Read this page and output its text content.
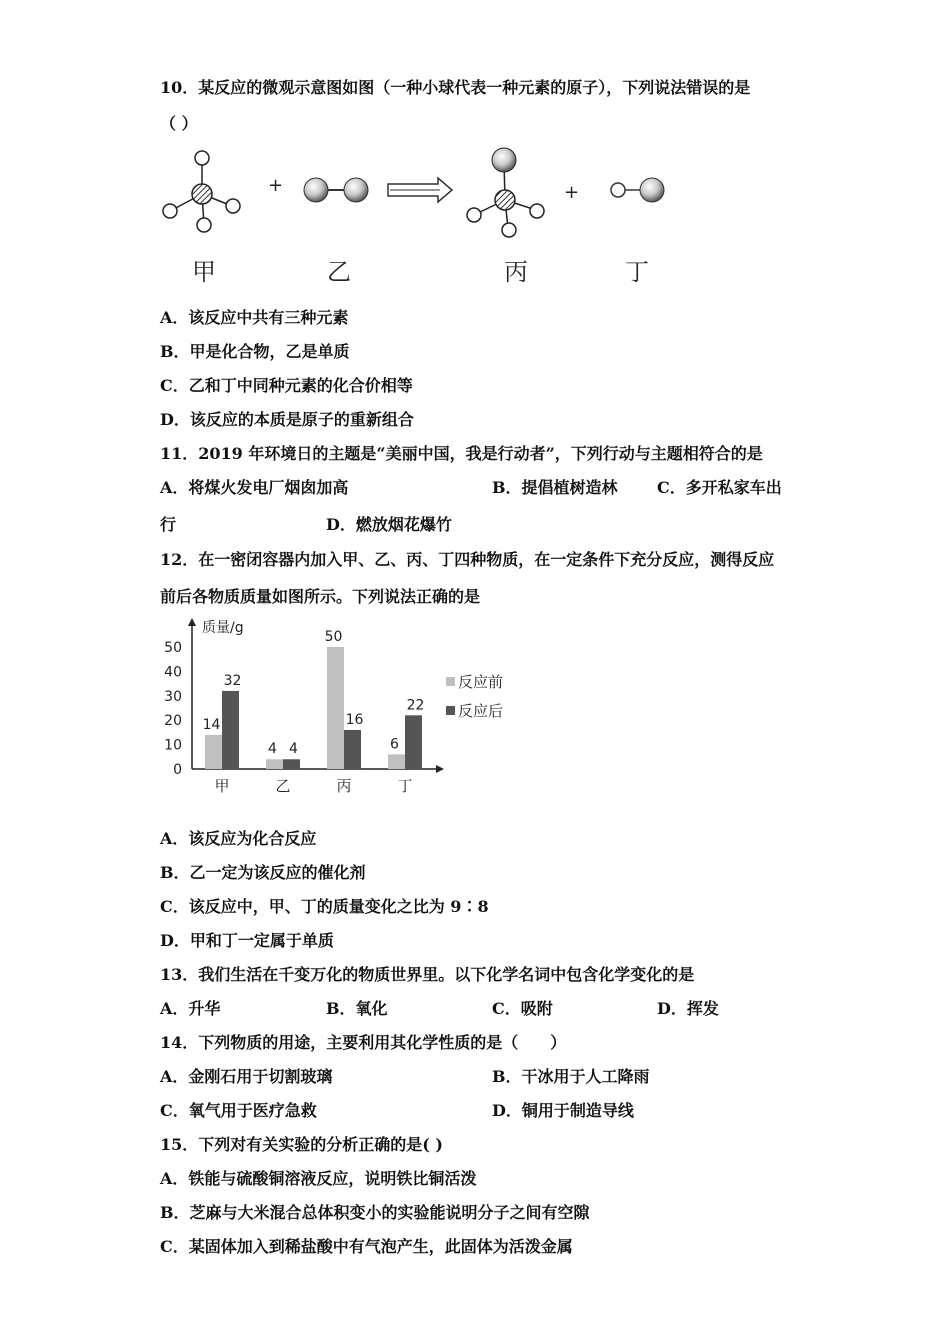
10．某反应的微观示意图如图（一种小球代表一种元素的原子），下列说法错误的是
（ ）
+	+
甲	乙	丙	丁
A．该反应中共有三种元素
B．甲是化合物，乙是单质
C．乙和丁中同种元素的化合价相等
D．该反应的本质是原子的重新组合
11．2019 年环境日的主题是“美丽中国，我是行动者”，下列行动与主题相符合的是
A．将煤火发电厂烟囱加高	B．提倡植树造林 C．多开私家车出
行	D．燃放烟花爆竹
12．在一密闭容器内加入甲、乙、丙、丁四种物质，在一定条件下充分反应，测得反应
前后各物质质量如图所示。下列说法正确的是
质量/g
0
10
20
30
40
50
14
32
甲
4 4
乙
50
16
丙
6
22
丁
反应前
反应后
A．该反应为化合反应
B．乙一定为该反应的催化剂
C．该反应中，甲、丁的质量变化之比为 9∶8
D．甲和丁一定属于单质
13．我们生活在千变万化的物质世界里。以下化学名词中包含化学变化的是
A．升华	B．氧化	C．吸附	D．挥发
14．下列物质的用途，主要利用其化学性质的是（　　）
A．金刚石用于切割玻璃	B．干冰用于人工降雨
C．氧气用于医疗急救	D．铜用于制造导线
15．下列对有关实验的分析正确的是( )
A．铁能与硫酸铜溶液反应，说明铁比铜活泼
B．芝麻与大米混合总体积变小的实验能说明分子之间有空隙
C．某固体加入到稀盐酸中有气泡产生，此固体为活泼金属
